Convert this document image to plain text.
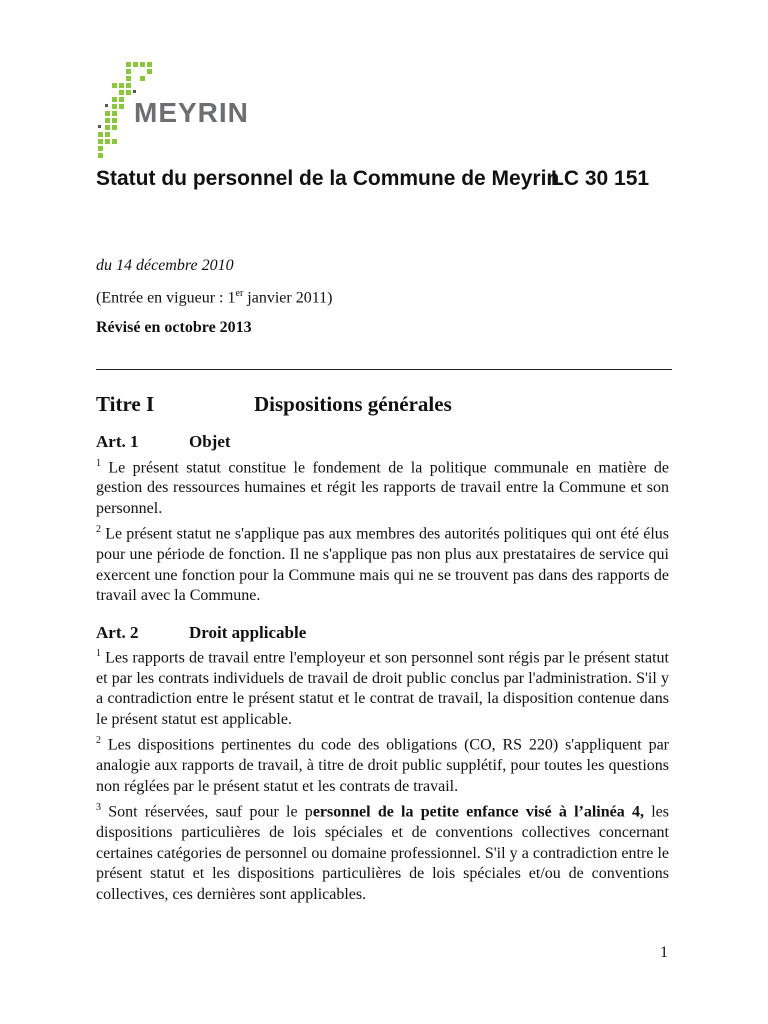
MEYRIN
Statut du personnel de la Commune de Meyrin
LC 30 151
du 14 décembre 2010
(Entrée en vigueur : 1er janvier 2011)
Révisé en octobre 2013
Titre I	Dispositions générales
Art. 1	Objet

$^1$ Le présent statut constitue le fondement de la politique communale en matière de gestion des ressources humaines et régit les rapports de travail entre la Commune et son personnel.

$^2$ Le présent statut ne s'applique pas aux membres des autorités politiques qui ont été élus pour une période de fonction. Il ne s'applique pas non plus aux prestataires de service qui exercent une fonction pour la Commune mais qui ne se trouvent pas dans des rapports de travail avec la Commune.

Art. 2	Droit applicable

$^1$ Les rapports de travail entre l'employeur et son personnel sont régis par le présent statut et par les contrats individuels de travail de droit public conclus par l'administration. S'il y a contradiction entre le présent statut et le contrat de travail, la disposition contenue dans le présent statut est applicable.

$^2$ Les dispositions pertinentes du code des obligations (CO, RS 220) s'appliquent par analogie aux rapports de travail, à titre de droit public supplétif, pour toutes les questions non réglées par le présent statut et les contrats de travail.

$^3$ Sont réservées, sauf pour le personnel de la petite enfance visé à l’alinéa 4, les dispositions particulières de lois spéciales et de conventions collectives concernant certaines catégories de personnel ou domaine professionnel. S'il y a contradiction entre le présent statut et les dispositions particulières de lois spéciales et/ou de conventions collectives, ces dernières sont applicables.

1
